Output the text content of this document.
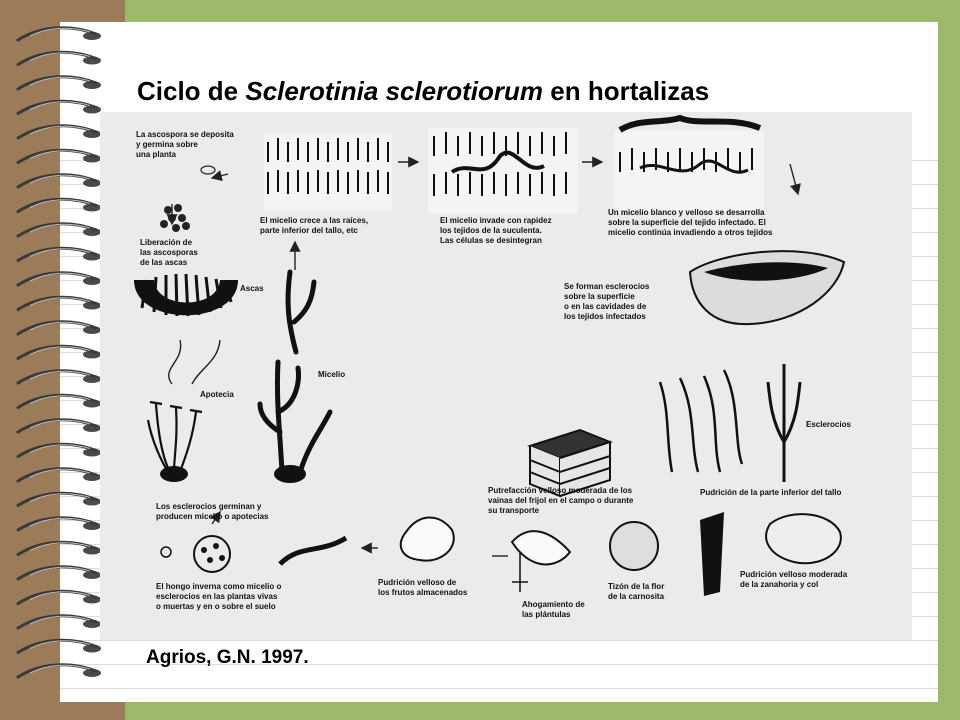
Ciclo de Sclerotinia sclerotiorum en hortalizas
La ascospora se deposita
y germina sobre
una planta
Liberación de
las ascosporas
de las ascas
Ascas
Apotecia
Micelio
El micelio crece a las raíces,
parte inferior del tallo, etc
El micelio invade con rapidez
los tejidos de la suculenta.
Las células se desintegran
Un micelio blanco y velloso se desarrolla
sobre la superficie del tejido infectado. El
micelio continúa invadiendo a otros tejidos
Se forman esclerocios
sobre la superficie
o en las cavidades de
los tejidos infectados
Esclerocios
Los esclerocios germinan y
producen micelio o apotecias
El hongo inverna como micelio o
esclerocios en las plantas vivas
o muertas y en o sobre el suelo
Pudrición velloso de
los frutos almacenados
Ahogamiento de
las plántulas
Tizón de la flor
de la carnosita
Pudrición velloso moderada
de la zanahoria y col
Pudrición de la parte inferior del tallo
Putrefacción velloso moderada de los
vainas del frijol en el campo o durante
su transporte
Agrios, G.N. 1997.
